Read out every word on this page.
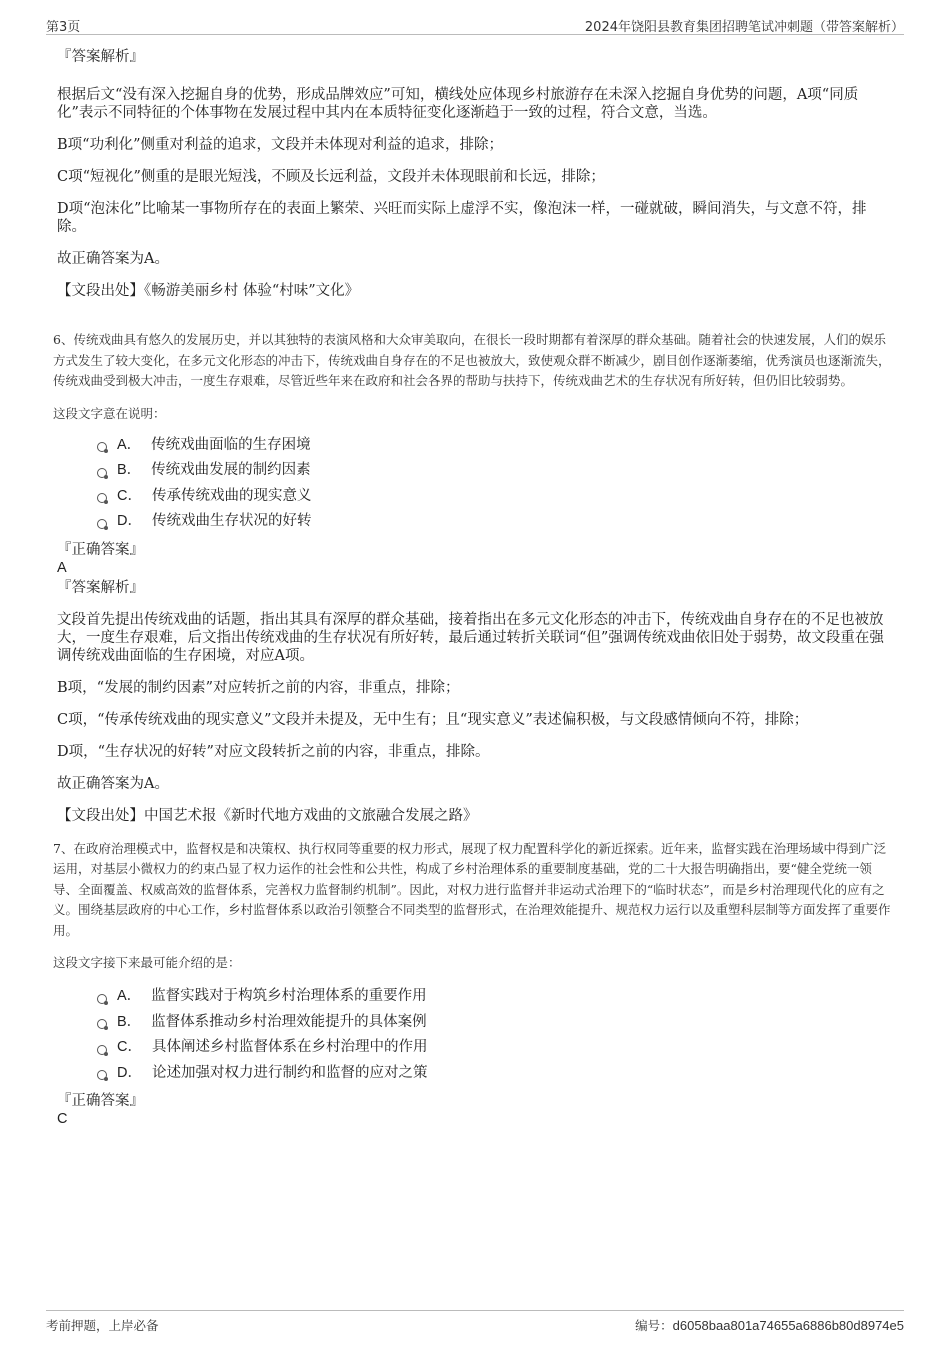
第3页	2024年饶阳县教育集团招聘笔试冲刺题（带答案解析）

『答案解析』

根据后文“没有深入挖掘自身的优势，形成品牌效应”可知，横线处应体现乡村旅游存在未深入挖掘自身优势的问题，A项“同质化”表示不同特征的个体事物在发展过程中其内在本质特征变化逐渐趋于一致的过程，符合文意，当选。

B项“功利化”侧重对利益的追求，文段并未体现对利益的追求，排除；

C项“短视化”侧重的是眼光短浅，不顾及长远利益，文段并未体现眼前和长远，排除；

D项“泡沫化”比喻某一事物所存在的表面上繁荣、兴旺而实际上虚浮不实，像泡沫一样，一碰就破，瞬间消失，与文意不符，排除。

故正确答案为A。

【文段出处】《畅游美丽乡村 体验“村味”文化》

6、传统戏曲具有悠久的发展历史，并以其独特的表演风格和大众审美取向，在很长一段时期都有着深厚的群众基础。随着社会的快速发展，人们的娱乐方式发生了较大变化，在多元文化形态的冲击下，传统戏曲自身存在的不足也被放大，致使观众群不断减少，剧目创作逐渐萎缩，优秀演员也逐渐流失，传统戏曲受到极大冲击，一度生存艰难，尽管近些年来在政府和社会各界的帮助与扶持下，传统戏曲艺术的生存状况有所好转，但仍旧比较弱势。

这段文字意在说明：

A． 传统戏曲面临的生存困境
B． 传统戏曲发展的制约因素
C． 传承传统戏曲的现实意义
D． 传统戏曲生存状况的好转

『正确答案』

A

『答案解析』

文段首先提出传统戏曲的话题，指出其具有深厚的群众基础，接着指出在多元文化形态的冲击下，传统戏曲自身存在的不足也被放大，一度生存艰难，后文指出传统戏曲的生存状况有所好转，最后通过转折关联词“但”强调传统戏曲依旧处于弱势，故文段重在强调传统戏曲面临的生存困境，对应A项。

B项，“发展的制约因素”对应转折之前的内容，非重点，排除；

C项，“传承传统戏曲的现实意义”文段并未提及，无中生有；且“现实意义”表述偏积极，与文段感情倾向不符，排除；

D项，“生存状况的好转”对应文段转折之前的内容，非重点，排除。

故正确答案为A。

【文段出处】中国艺术报《新时代地方戏曲的文旅融合发展之路》

7、在政府治理模式中，监督权是和决策权、执行权同等重要的权力形式，展现了权力配置科学化的新近探索。近年来，监督实践在治理场域中得到广泛运用，对基层小微权力的约束凸显了权力运作的社会性和公共性，构成了乡村治理体系的重要制度基础，党的二十大报告明确指出，要“健全党统一领导、全面覆盖、权威高效的监督体系，完善权力监督制约机制”。因此，对权力进行监督并非运动式治理下的“临时状态”，而是乡村治理现代化的应有之义。围绕基层政府的中心工作，乡村监督体系以政治引领整合不同类型的监督形式，在治理效能提升、规范权力运行以及重塑科层制等方面发挥了重要作用。

这段文字接下来最可能介绍的是：

A． 监督实践对于构筑乡村治理体系的重要作用
B． 监督体系推动乡村治理效能提升的具体案例
C． 具体阐述乡村监督体系在乡村治理中的作用
D． 论述加强对权力进行制约和监督的应对之策

『正确答案』

C

考前押题，上岸必备	编号：d6058baa801a74655a6886b80d8974e5
